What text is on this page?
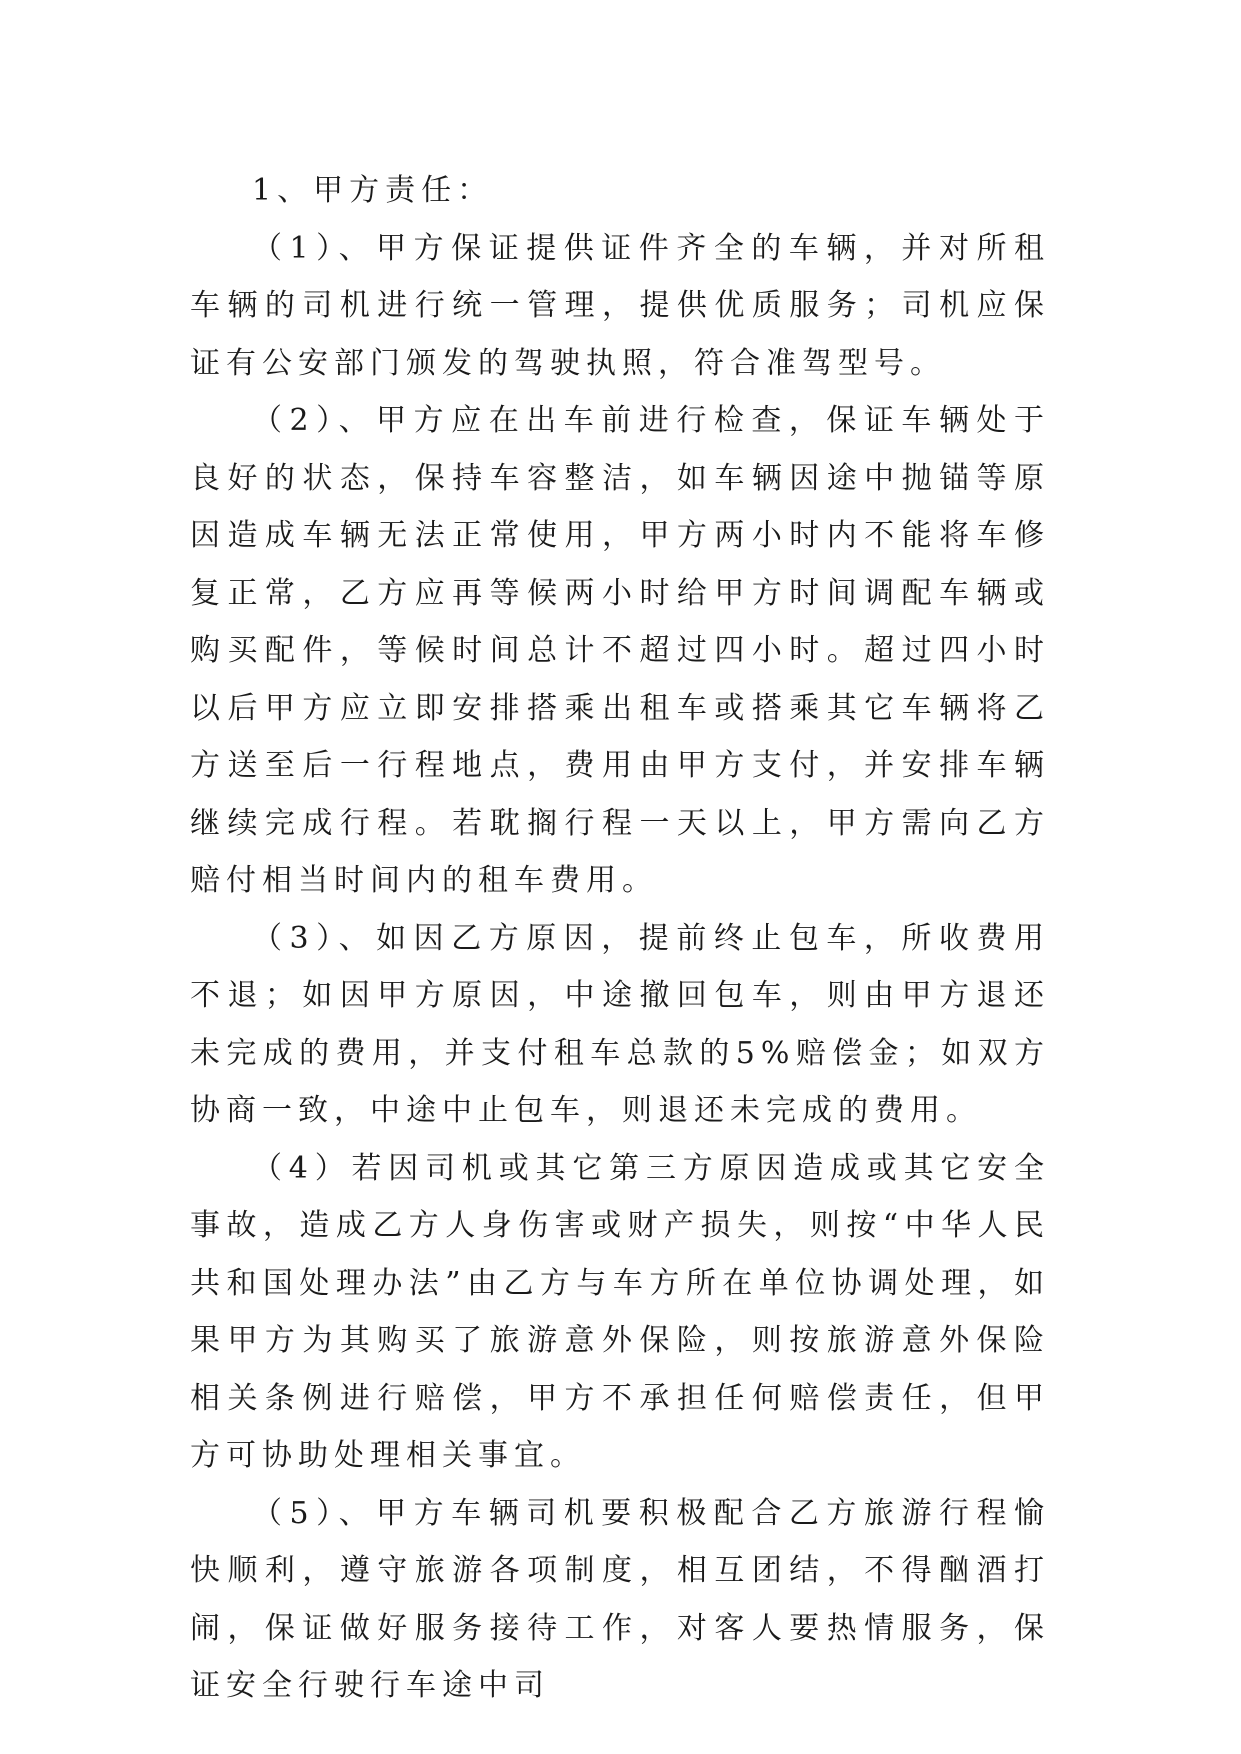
1、甲方责任：

（1）、甲方保证提供证件齐全的车辆，并对所租车辆的司机进行统一管理，提供优质服务；司机应保证有公安部门颁发的驾驶执照，符合准驾型号。

（2）、甲方应在出车前进行检查，保证车辆处于良好的状态，保持车容整洁，如车辆因途中抛锚等原因造成车辆无法正常使用，甲方两小时内不能将车修复正常，乙方应再等候两小时给甲方时间调配车辆或购买配件，等候时间总计不超过四小时。超过四小时以后甲方应立即安排搭乘出租车或搭乘其它车辆将乙方送至后一行程地点，费用由甲方支付，并安排车辆继续完成行程。若耽搁行程一天以上，甲方需向乙方赔付相当时间内的租车费用。

（3）、如因乙方原因，提前终止包车，所收费用不退；如因甲方原因，中途撤回包车，则由甲方退还未完成的费用，并支付租车总款的5%赔偿金；如双方协商一致，中途中止包车，则退还未完成的费用。

（4）若因司机或其它第三方原因造成或其它安全事故，造成乙方人身伤害或财产损失，则按“中华人民共和国处理办法”由乙方与车方所在单位协调处理，如果甲方为其购买了旅游意外保险，则按旅游意外保险相关条例进行赔偿，甲方不承担任何赔偿责任，但甲方可协助处理相关事宜。

（5）、甲方车辆司机要积极配合乙方旅游行程愉快顺利，遵守旅游各项制度，相互团结，不得酗酒打闹，保证做好服务接待工作，对客人要热情服务，保证安全行驶行车途中司
